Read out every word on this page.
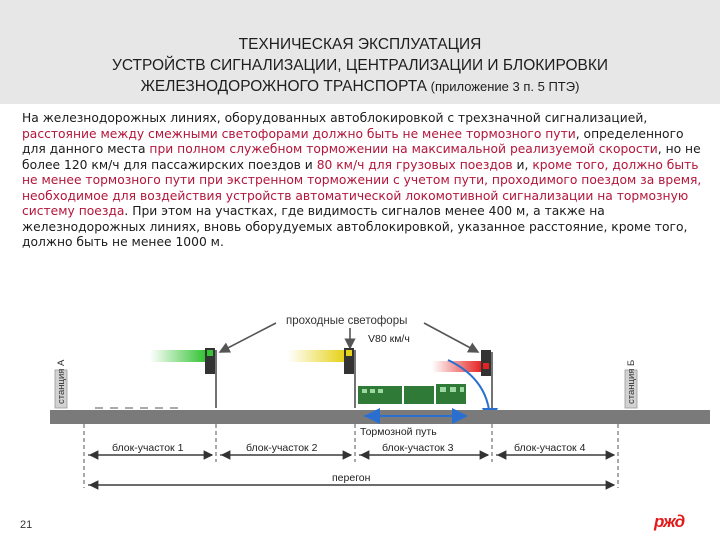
ТЕХНИЧЕСКАЯ ЭКСПЛУАТАЦИЯ
УСТРОЙСТВ СИГНАЛИЗАЦИИ, ЦЕНТРАЛИЗАЦИИ И БЛОКИРОВКИ
ЖЕЛЕЗНОДОРОЖНОГО ТРАНСПОРТА (приложение 3 п. 5 ПТЭ)
На железнодорожных линиях, оборудованных автоблокировкой с трехзначной сигнализацией, расстояние между смежными светофорами должно быть не менее тормозного пути, определенного для данного места при полном служебном торможении на максимальной реализуемой скорости, но не более 120 км/ч для пассажирских поездов и 80 км/ч для грузовых поездов и, кроме того, должно быть не менее тормозного пути при экстренном торможении с учетом пути, проходимого поездом за время, необходимое для воздействия устройств автоматической локомотивной сигнализации на тормозную систему поезда. При этом на участках, где видимость сигналов менее 400 м, а также на железнодорожных линиях, вновь оборудуемых автоблокировкой, указанное расстояние, кроме того, должно быть не менее 1000 м.
проходные светофоры
V80 км/ч
станция А	станция Б
Тормозной путь
блок-участок 1	блок-участок 2	блок-участок 3	блок-участок 4
перегон
21	ржд
